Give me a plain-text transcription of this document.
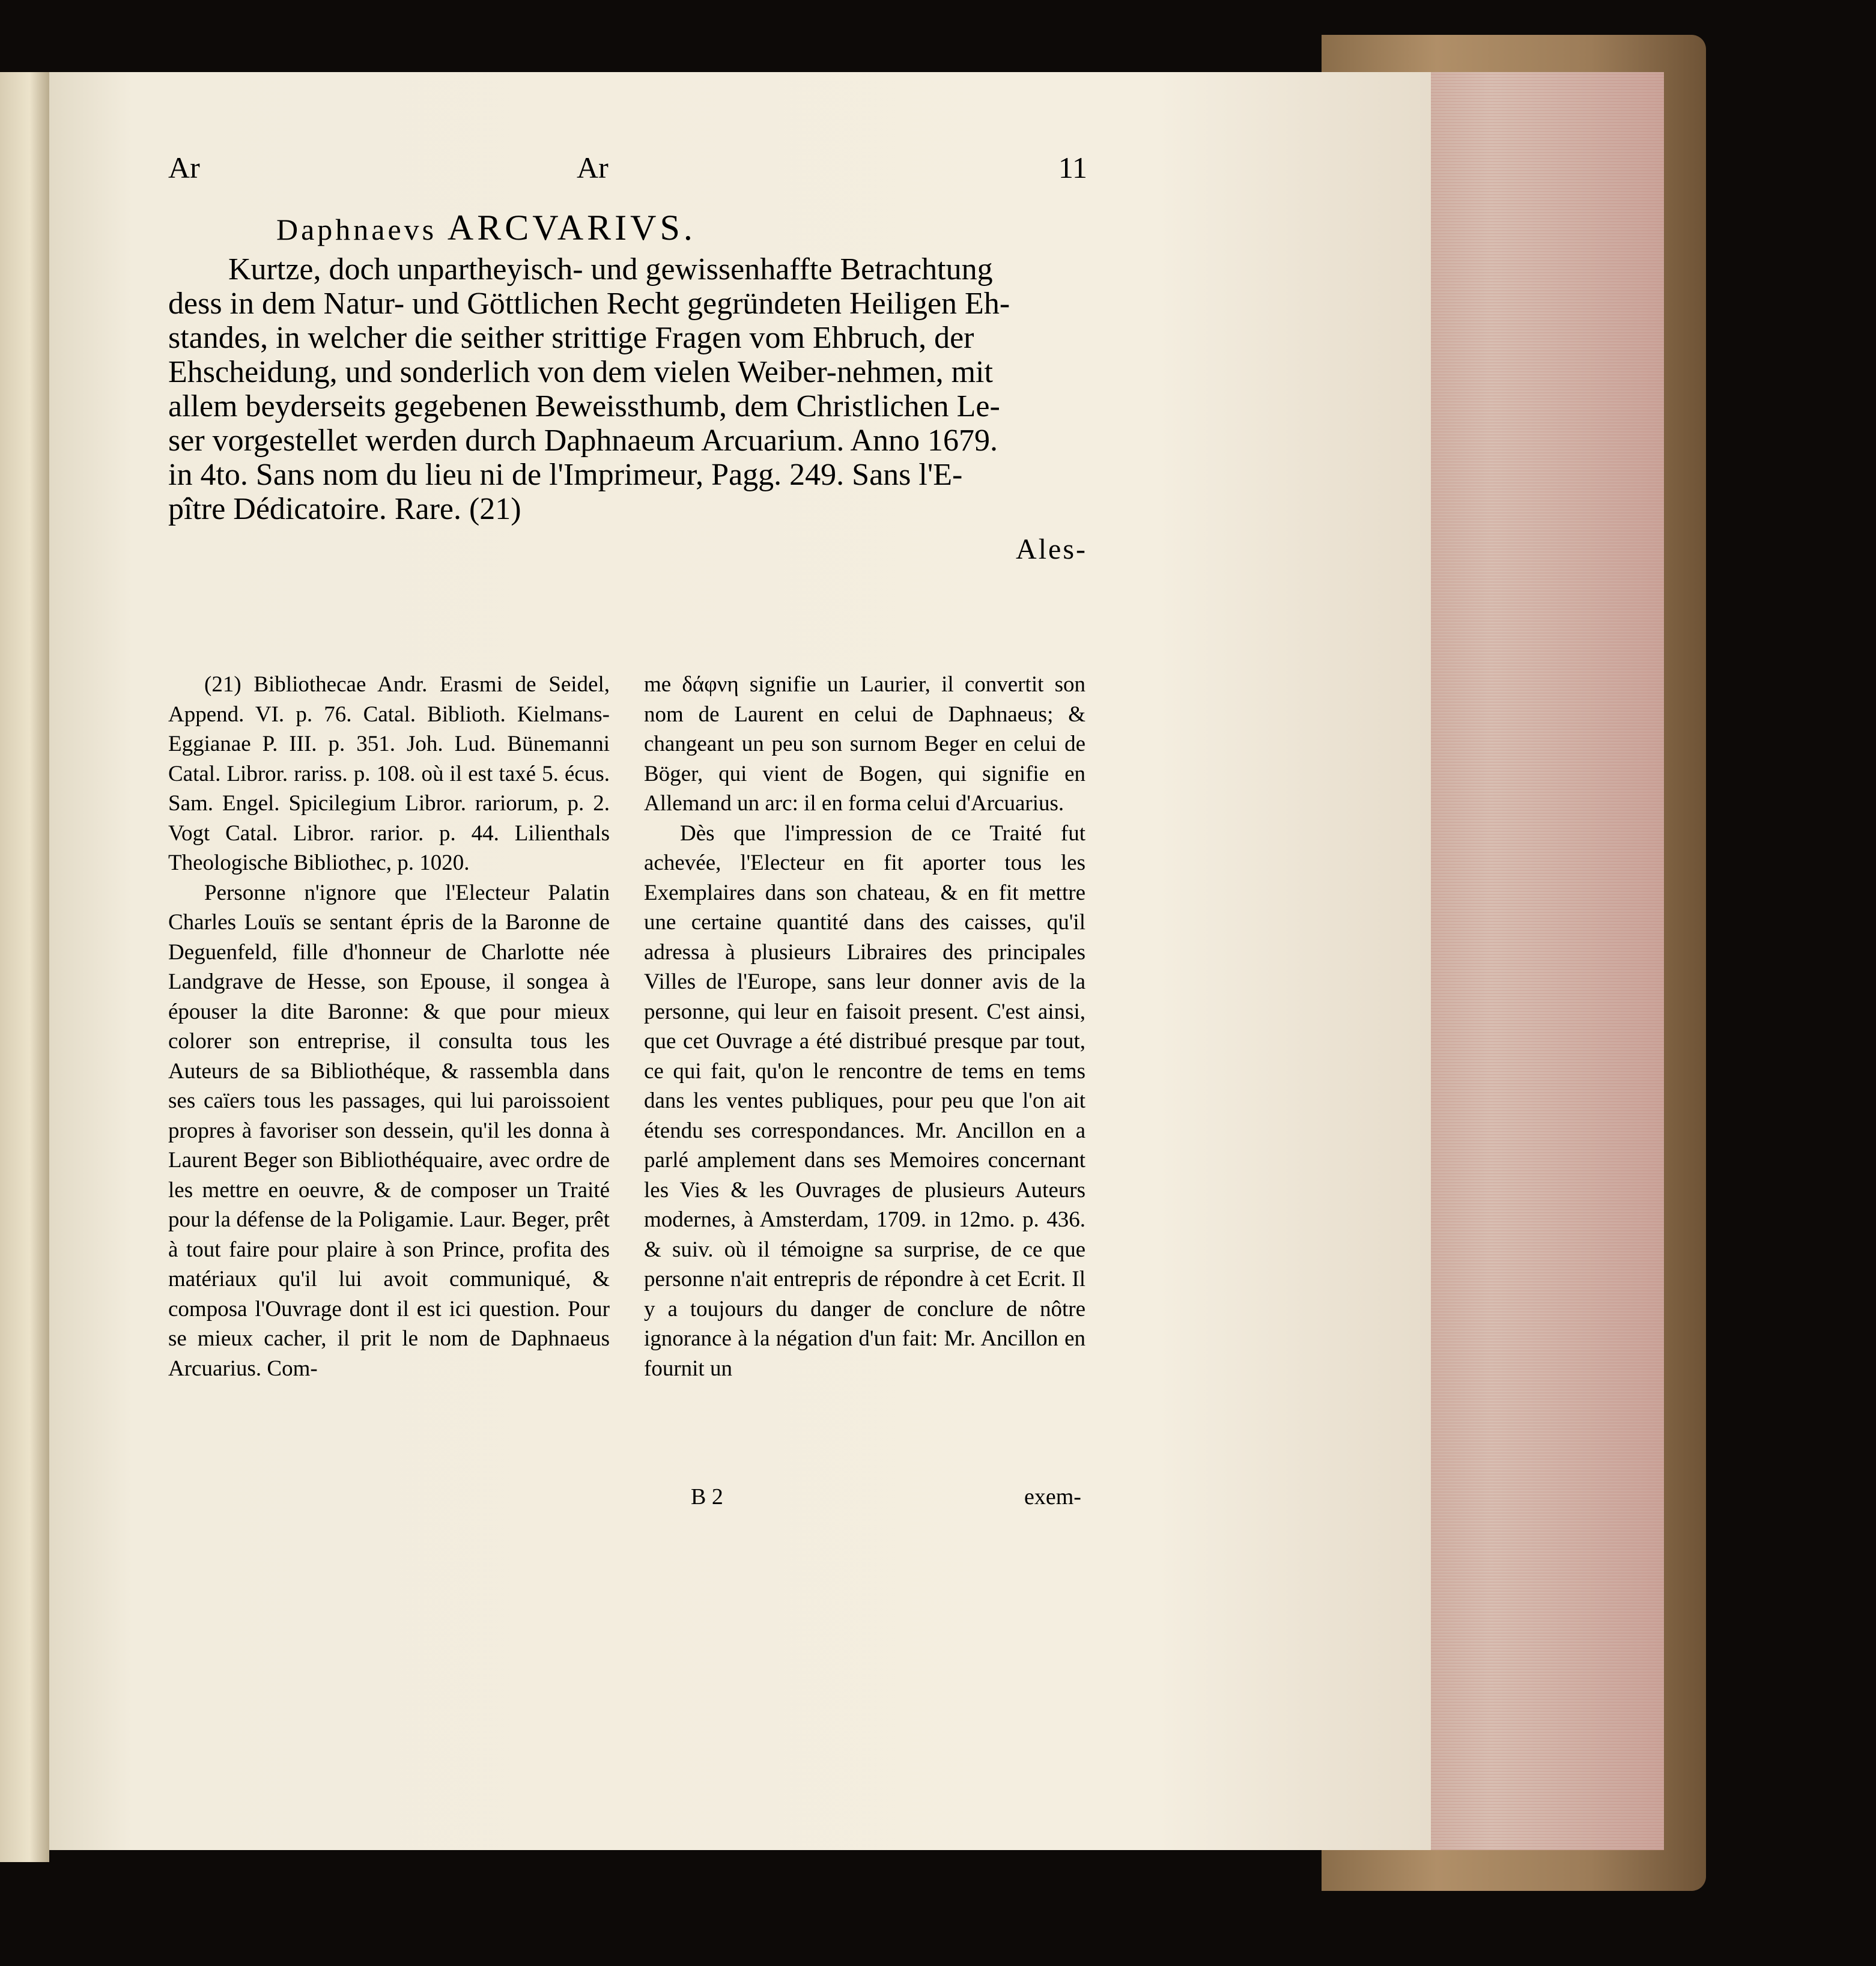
Ar	Ar	11
Daphnaevs ARCVARIVS.
Kurtze, doch unpartheyisch- und gewissenhaffte Betrachtung
dess in dem Natur- und Göttlichen Recht gegründeten Heiligen Eh-
standes, in welcher die seither strittige Fragen vom Ehbruch, der
Ehscheidung, und sonderlich von dem vielen Weiber-nehmen, mit
allem beyderseits gegebenen Beweissthumb, dem Christlichen Le-
ser vorgestellet werden durch Daphnaeum Arcuarium. Anno 1679.
in 4to. Sans nom du lieu ni de l'Imprimeur, Pagg. 249. Sans l'E-
pître Dédicatoire. Rare. (21)
Ales-

(21) Bibliothecae Andr. Erasmi de Seidel, Append. VI. p. 76. Catal. Biblioth. Kielmans-Eggianae P. III. p. 351. Joh. Lud. Bünemanni Catal. Libror. rariss. p. 108. où il est taxé 5. écus. Sam. Engel. Spicilegium Libror. rariorum, p. 2. Vogt Catal. Libror. rarior. p. 44. Lilienthals Theologische Bibliothec, p. 1020.

Personne n'ignore que l'Electeur Palatin Charles Louïs se sentant épris de la Baronne de Deguenfeld, fille d'honneur de Charlotte née Landgrave de Hesse, son Epouse, il songea à épouser la dite Baronne: & que pour mieux colorer son entreprise, il consulta tous les Auteurs de sa Bibliothéque, & rassembla dans ses caïers tous les passages, qui lui paroissoient propres à favoriser son dessein, qu'il les donna à Laurent Beger son Bibliothéquaire, avec ordre de les mettre en oeuvre, & de composer un Traité pour la défense de la Poligamie. Laur. Beger, prêt à tout faire pour plaire à son Prince, profita des matériaux qu'il lui avoit communiqué, & composa l'Ouvrage dont il est ici question. Pour se mieux cacher, il prit le nom de Daphnaeus Arcuarius. Com-

me δάφνη signifie un Laurier, il convertit son nom de Laurent en celui de Daphnaeus; & changeant un peu son surnom Beger en celui de Böger, qui vient de Bogen, qui signifie en Allemand un arc: il en forma celui d'Arcuarius.

Dès que l'impression de ce Traité fut achevée, l'Electeur en fit aporter tous les Exemplaires dans son chateau, & en fit mettre une certaine quantité dans des caisses, qu'il adressa à plusieurs Libraires des principales Villes de l'Europe, sans leur donner avis de la personne, qui leur en faisoit present. C'est ainsi, que cet Ouvrage a été distribué presque par tout, ce qui fait, qu'on le rencontre de tems en tems dans les ventes publiques, pour peu que l'on ait étendu ses correspondances. Mr. Ancillon en a parlé amplement dans ses Memoires concernant les Vies & les Ouvrages de plusieurs Auteurs modernes, à Amsterdam, 1709. in 12mo. p. 436. & suiv. où il témoigne sa surprise, de ce que personne n'ait entrepris de répondre à cet Ecrit. Il y a toujours du danger de conclure de nôtre ignorance à la négation d'un fait: Mr. Ancillon en fournit un

B 2	exem-
